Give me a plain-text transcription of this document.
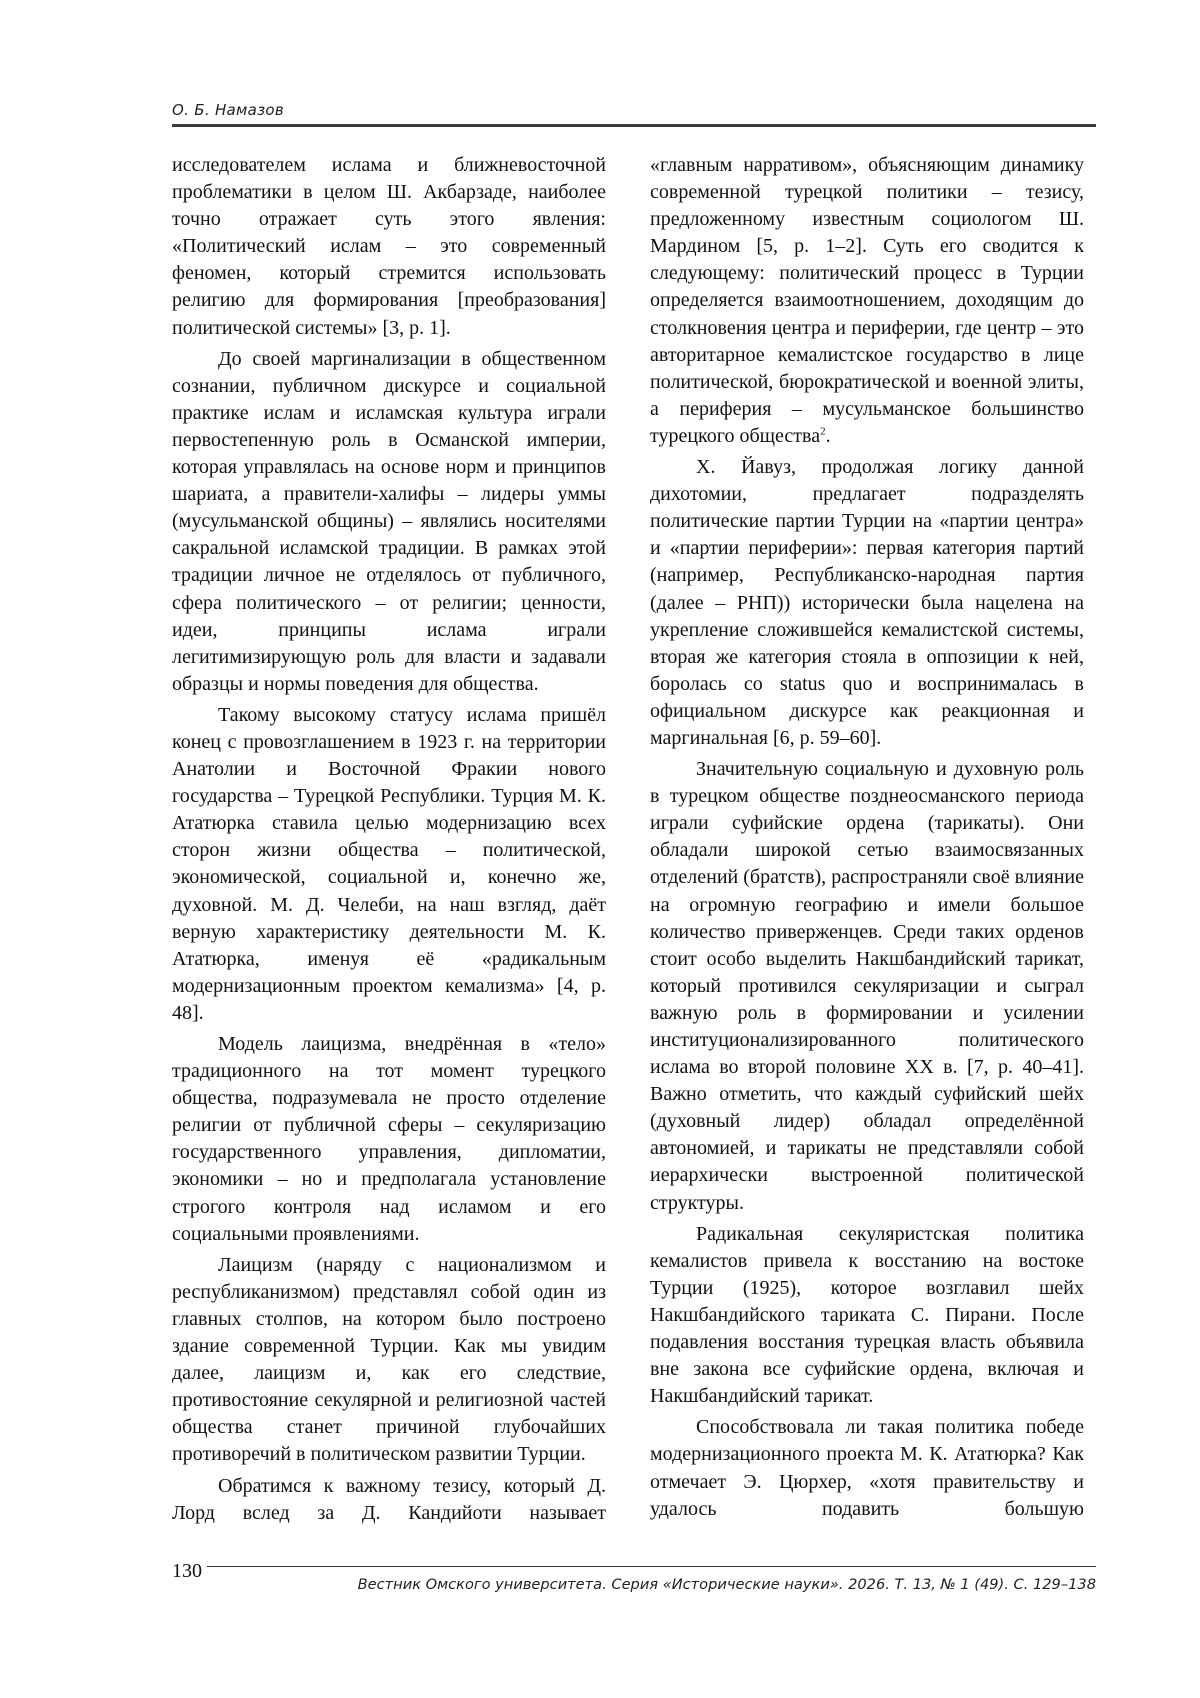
О. Б. Намазов

исследователем ислама и ближневосточной проблематики в целом Ш. Акбарзаде, наиболее точно отражает суть этого явления: «Политический ислам – это современный феномен, который стремится использовать религию для формирования [преобразования] политической системы» [3, p. 1].

До своей маргинализации в общественном сознании, публичном дискурсе и социальной практике ислам и исламская культура играли первостепенную роль в Османской империи, которая управлялась на основе норм и принципов шариата, а правители-халифы – лидеры уммы (мусульманской общины) – являлись носителями сакральной исламской традиции. В рамках этой традиции личное не отделялось от публичного, сфера политического – от религии; ценности, идеи, принципы ислама играли легитимизирующую роль для власти и задавали образцы и нормы поведения для общества.

Такому высокому статусу ислама пришёл конец с провозглашением в 1923 г. на территории Анатолии и Восточной Фракии нового государства – Турецкой Республики. Турция М. К. Ататюрка ставила целью модернизацию всех сторон жизни общества – политической, экономической, социальной и, конечно же, духовной. М. Д. Челеби, на наш взгляд, даёт верную характеристику деятельности М. К. Ататюрка, именуя её «радикальным модернизационным проектом кемализма» [4, p. 48].

Модель лаицизма, внедрённая в «тело» традиционного на тот момент турецкого общества, подразумевала не просто отделение религии от публичной сферы – секуляризацию государственного управления, дипломатии, экономики – но и предполагала установление строгого контроля над исламом и его социальными проявлениями.

Лаицизм (наряду с национализмом и республиканизмом) представлял собой один из главных столпов, на котором было построено здание современной Турции. Как мы увидим далее, лаицизм и, как его следствие, противостояние секулярной и религиозной частей общества станет причиной глубочайших противоречий в политическом развитии Турции.

Обратимся к важному тезису, который Д. Лорд вслед за Д. Кандийоти называет

«главным нарративом», объясняющим динамику современной турецкой политики – тезису, предложенному известным социологом Ш. Мардином [5, p. 1–2]. Суть его сводится к следующему: политический процесс в Турции определяется взаимоотношением, доходящим до столкновения центра и периферии, где центр – это авторитарное кемалистское государство в лице политической, бюрократической и военной элиты, а периферия – мусульманское большинство турецкого общества$^2$.

Х. Йавуз, продолжая логику данной дихотомии, предлагает подразделять политические партии Турции на «партии центра» и «партии периферии»: первая категория партий (например, Республиканско-народная партия (далее – РНП)) исторически была нацелена на укрепление сложившейся кемалистской системы, вторая же категория стояла в оппозиции к ней, боролась со status quo и воспринималась в официальном дискурсе как реакционная и маргинальная [6, p. 59–60].

Значительную социальную и духовную роль в турецком обществе позднеосманского периода играли суфийские ордена (тарикаты). Они обладали широкой сетью взаимосвязанных отделений (братств), распространяли своё влияние на огромную географию и имели большое количество приверженцев. Среди таких орденов стоит особо выделить Накшбандийский тарикат, который противился секуляризации и сыграл важную роль в формировании и усилении институционализированного политического ислама во второй половине XX в. [7, p. 40–41]. Важно отметить, что каждый суфийский шейх (духовный лидер) обладал определённой автономией, и тарикаты не представляли собой иерархически выстроенной политической структуры.

Радикальная секуляристская политика кемалистов привела к восстанию на востоке Турции (1925), которое возглавил шейх Накшбандийского тариката С. Пирани. После подавления восстания турецкая власть объявила вне закона все суфийские ордена, включая и Накшбандийский тарикат.

Способствовала ли такая политика победе модернизационного проекта М. К. Ататюрка? Как отмечает Э. Цюрхер, «хотя правительству и удалось подавить большую

130
Вестник Омского университета. Серия «Исторические науки». 2026. Т. 13, № 1 (49). С. 129–138
